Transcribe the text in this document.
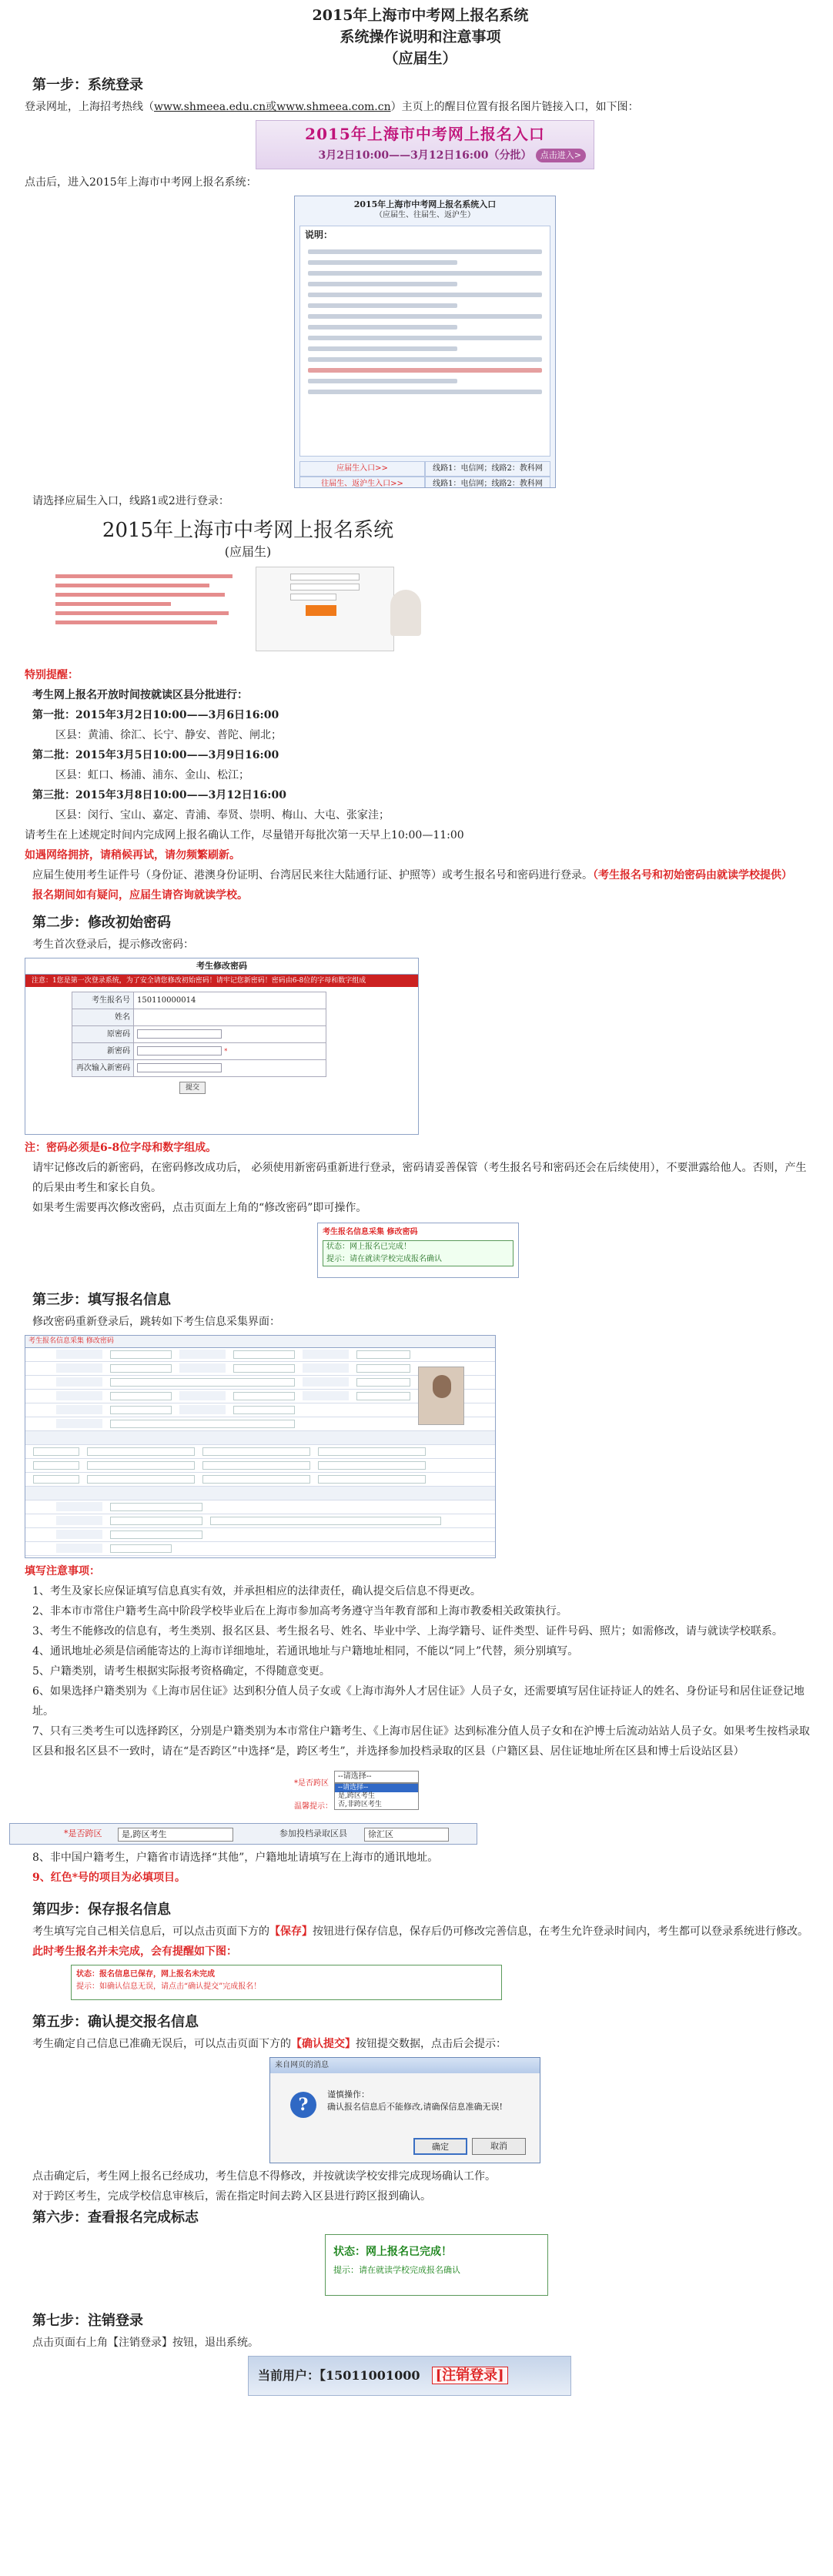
2015年上海市中考网上报名系统
系统操作说明和注意事项
（应届生）
第一步：系统登录
登录网址，上海招考热线（www.shmeea.edu.cn或www.shmeea.com.cn）主页上的醒目位置有报名图片链接入口，如下图：
2015年上海市中考网上报名入口
3月2日10:00——3月12日16:00（分批）	点击进入>
点击后，进入2015年上海市中考网上报名系统：
2015年上海市中考网上报名系统入口
（应届生、往届生、返沪生）
说明：
应届生入口>>	线路1：电信网；线路2：教科网
往届生、返沪生入口>>	线路1：电信网；线路2：教科网
请选择应届生入口，线路1或2进行登录：
2015年上海市中考网上报名系统
(应届生)
特别提醒：
考生网上报名开放时间按就读区县分批进行：
第一批：2015年3月2日10:00——3月6日16:00
区县：黄浦、徐汇、长宁、静安、普陀、闸北；
第二批：2015年3月5日10:00——3月9日16:00
区县：虹口、杨浦、浦东、金山、松江；
第三批：2015年3月8日10:00——3月12日16:00
区县：闵行、宝山、嘉定、青浦、奉贤、崇明、梅山、大屯、张家洼；
请考生在上述规定时间内完成网上报名确认工作，尽量错开每批次第一天早上10:00—11:00
如遇网络拥挤，请稍候再试，请勿频繁刷新。
应届生使用考生证件号（身份证、港澳身份证明、台湾居民来往大陆通行证、护照等）或考生报名号和密码进行登录。（考生报名号和初始密码由就读学校提供）
报名期间如有疑问，应届生请咨询就读学校。
第二步：修改初始密码
考生首次登录后，提示修改密码：
考生修改密码
注意：1您是第一次登录系统，为了安全请您修改初始密码！请牢记您新密码！密码由6-8位的字母和数字组成
考生报名号	150110000014
姓名	
原密码	
新密码	*
再次输入新密码	
提交
注：密码必须是6-8位字母和数字组成。
请牢记修改后的新密码，在密码修改成功后， 必须使用新密码重新进行登录，密码请妥善保管（考生报名号和密码还会在后续使用），不要泄露给他人。否则，产生的后果由考生和家长自负。
如果考生需要再次修改密码，点击页面左上角的“修改密码”即可操作。
考生报名信息采集 修改密码
状态：网上报名已完成！
提示：请在就读学校完成报名确认
第三步：填写报名信息
修改密码重新登录后，跳转如下考生信息采集界面：
考生报名信息采集 修改密码
填写注意事项：
1、考生及家长应保证填写信息真实有效，并承担相应的法律责任，确认提交后信息不得更改。
2、非本市市常住户籍考生高中阶段学校毕业后在上海市参加高考务遵守当年教育部和上海市教委相关政策执行。
3、考生不能修改的信息有，考生类别、报名区县、考生报名号、姓名、毕业中学、上海学籍号、证件类型、证件号码、照片；如需修改，请与就读学校联系。
4、通讯地址必须是信函能寄达的上海市详细地址，若通讯地址与户籍地址相同，不能以“同上”代替，须分别填写。
5、户籍类别，请考生根据实际报考资格确定，不得随意变更。
6、如果选择户籍类别为《上海市居住证》达到积分值人员子女或《上海市海外人才居住证》人员子女，还需要填写居住证持证人的姓名、身份证号和居住证登记地址。
7、只有三类考生可以选择跨区，分别是户籍类别为本市常住户籍考生、《上海市居住证》达到标准分值人员子女和在沪博士后流动站站人员子女。如果考生按档录取区县和报名区县不一致时，请在“是否跨区”中选择“是，跨区考生”，并选择参加投档录取的区县（户籍区县、居住证地址所在区县和博士后设站区县）
*是否跨区
--请选择--
--请选择--
是,跨区考生
否,非跨区考生
温馨提示：
*是否跨区	是,跨区考生	参加投档录取区县	徐汇区
8、非中国户籍考生，户籍省市请选择“其他”，户籍地址请填写在上海市的通讯地址。
9、红色*号的项目为必填项目。
第四步：保存报名信息
考生填写完自己相关信息后，可以点击页面下方的【保存】按钮进行保存信息，保存后仍可修改完善信息，在考生允许登录时间内，考生都可以登录系统进行修改。
此时考生报名并未完成，会有提醒如下图：
状态：报名信息已保存，网上报名未完成
提示：如确认信息无误，请点击“确认提交”完成报名！
第五步：确认提交报名信息
考生确定自己信息已准确无误后，可以点击页面下方的【确认提交】按钮提交数据，点击后会提示：
来自网页的消息
?
谨慎操作：
确认报名信息后不能修改,请确保信息准确无误!
确定	取消
点击确定后，考生网上报名已经成功，考生信息不得修改，并按就读学校安排完成现场确认工作。
对于跨区考生，完成学校信息审核后，需在指定时间去跨入区县进行跨区报到确认。
第六步：查看报名完成标志
状态：网上报名已完成！
提示：请在就读学校完成报名确认
第七步：注销登录
点击页面右上角【注销登录】按钮，退出系统。
当前用户：【15011001000 [注销登录]
